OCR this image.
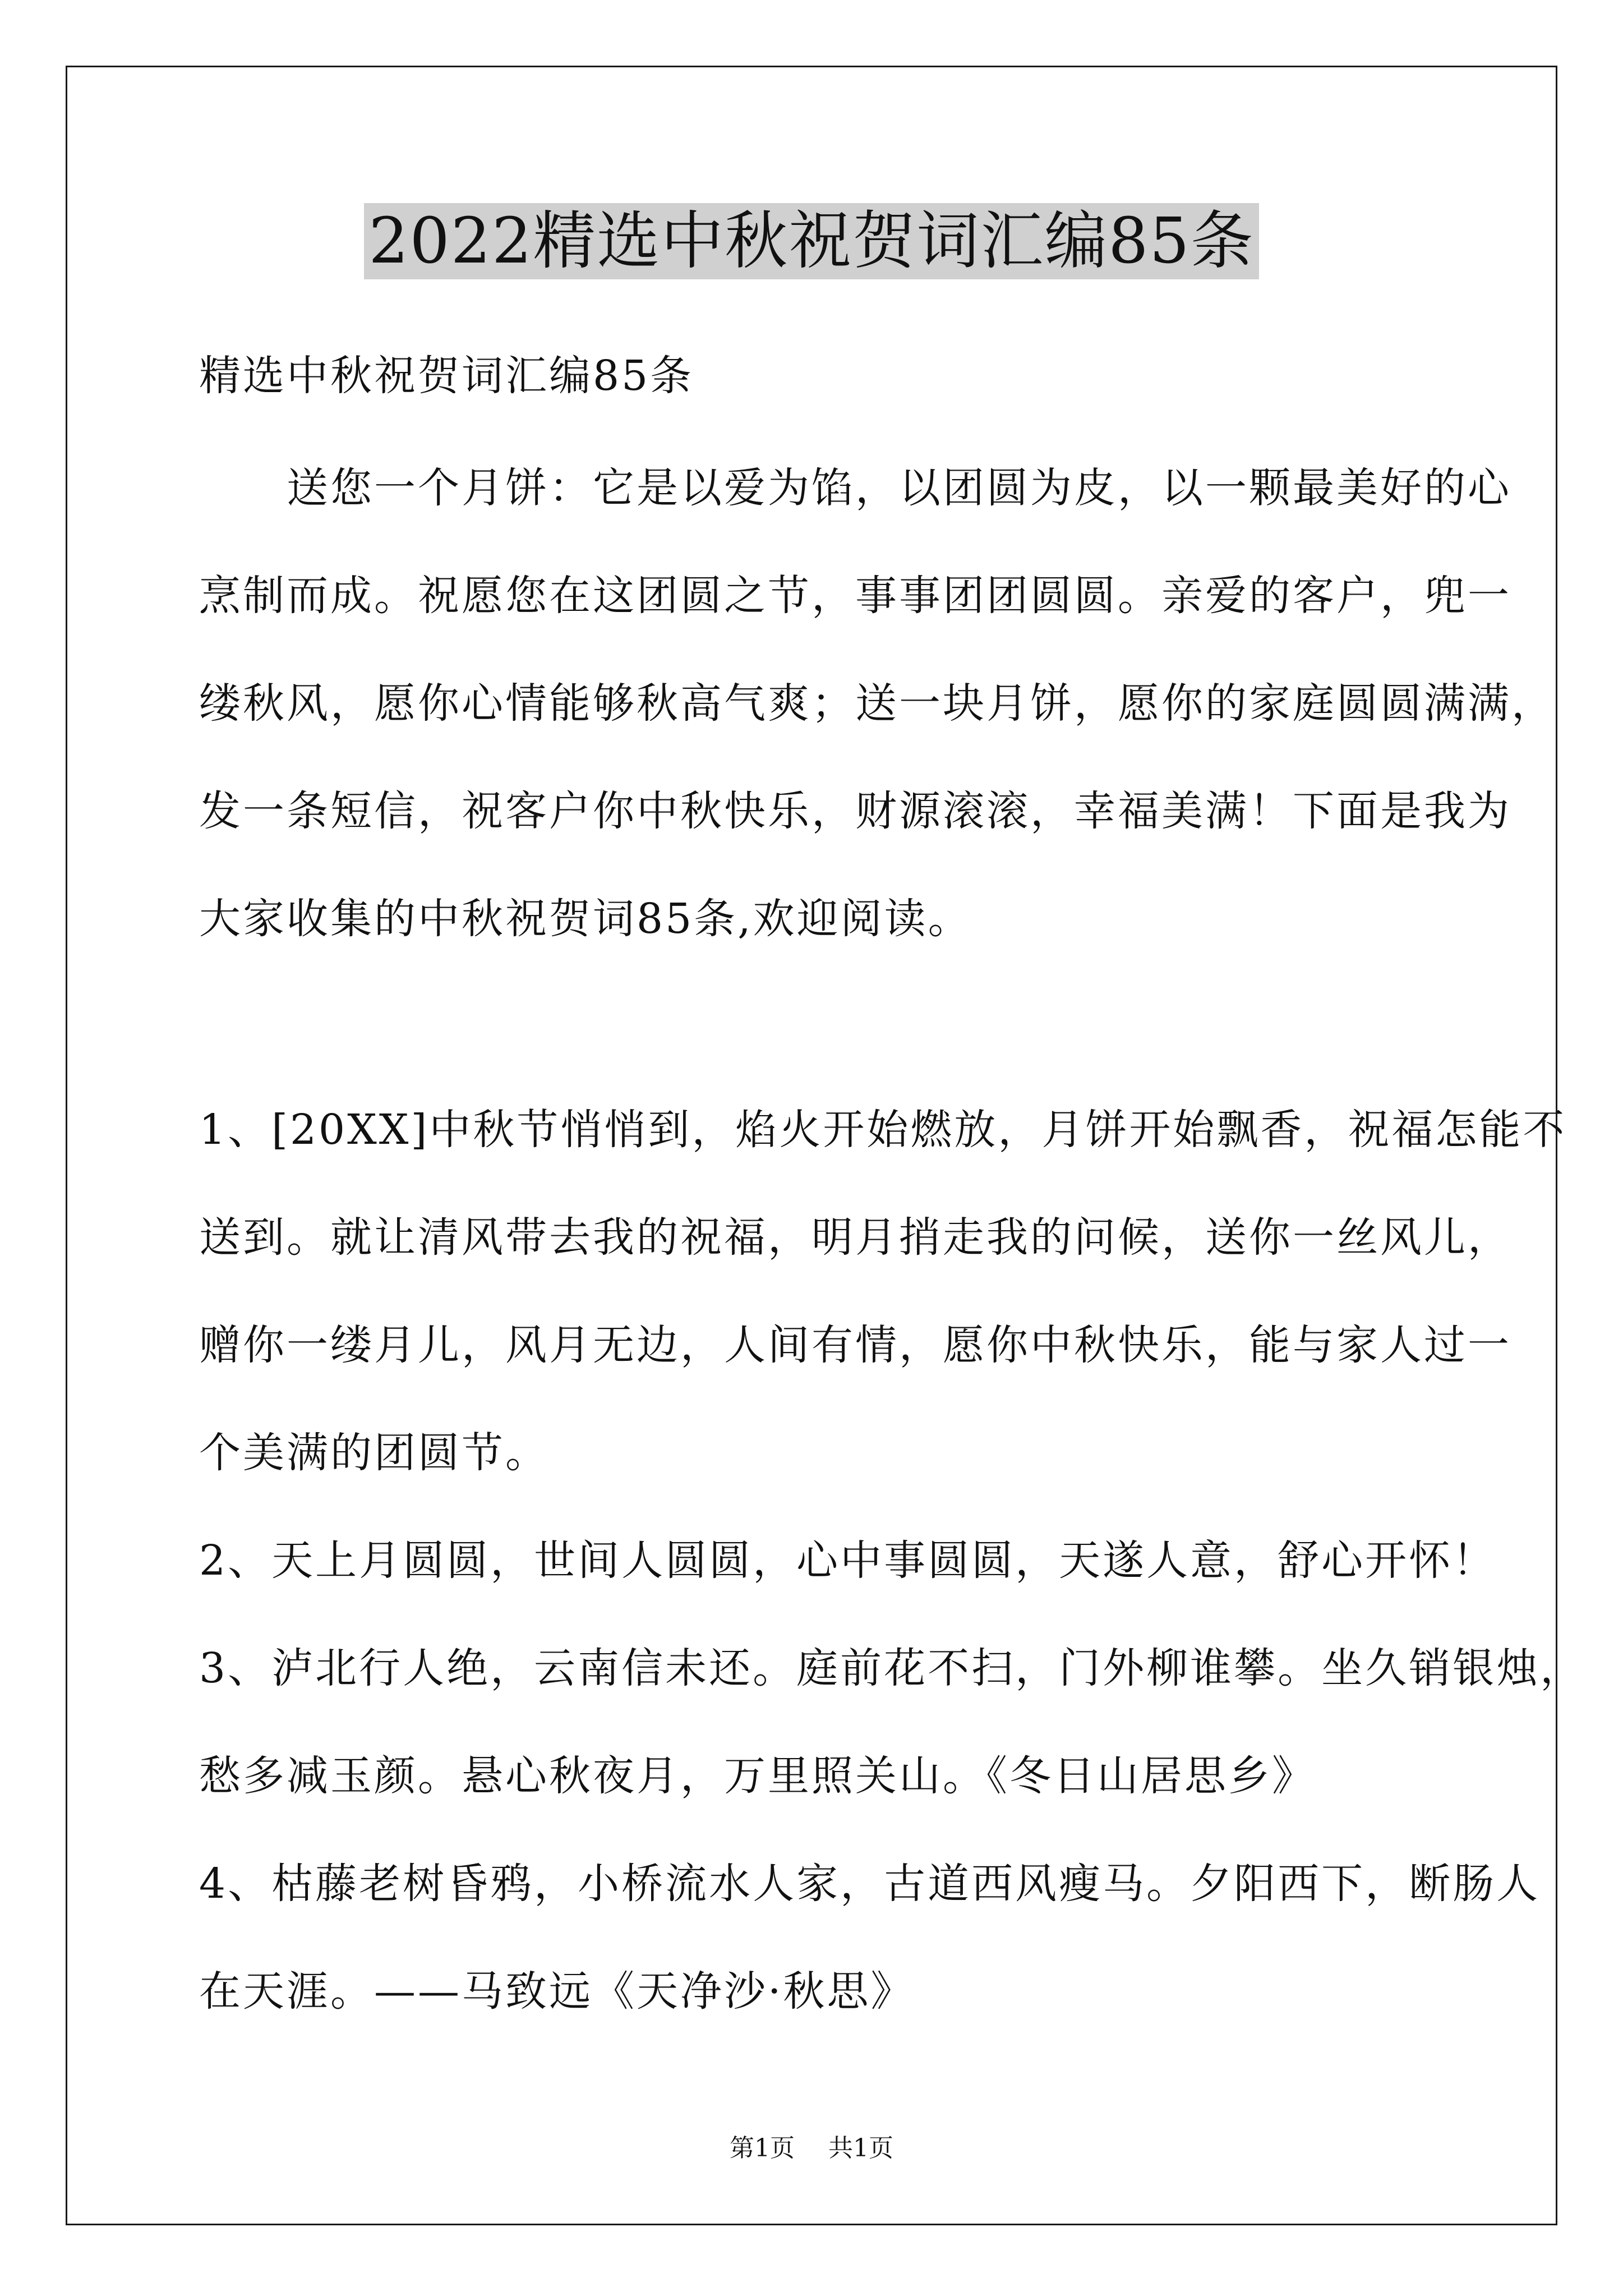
2022精选中秋祝贺词汇编85条
精选中秋祝贺词汇编85条
　　送您一个月饼：它是以爱为馅，以团圆为皮，以一颗最美好的心
烹制而成。祝愿您在这团圆之节，事事团团圆圆。亲爱的客户，兜一
缕秋风，愿你心情能够秋高气爽；送一块月饼，愿你的家庭圆圆满满，
发一条短信，祝客户你中秋快乐，财源滚滚，幸福美满！下面是我为
大家收集的中秋祝贺词85条,欢迎阅读。
1、[20XX]中秋节悄悄到，焰火开始燃放，月饼开始飘香，祝福怎能不
送到。就让清风带去我的祝福，明月捎走我的问候，送你一丝风儿，
赠你一缕月儿，风月无边，人间有情，愿你中秋快乐，能与家人过一
个美满的团圆节。
2、天上月圆圆，世间人圆圆，心中事圆圆，天遂人意，舒心开怀！
3、泸北行人绝，云南信未还。庭前花不扫，门外柳谁攀。坐久销银烛，
愁多减玉颜。悬心秋夜月，万里照关山。《冬日山居思乡》
4、枯藤老树昏鸦，小桥流水人家，古道西风瘦马。夕阳西下，断肠人
在天涯。——马致远《天净沙·秋思》
第1页 共1页
